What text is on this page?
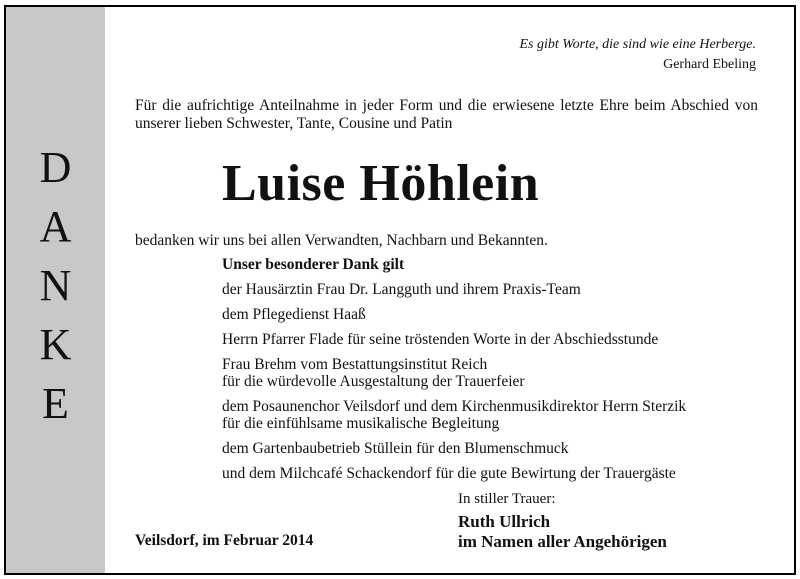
D
A
N
K
E
Es gibt Worte, die sind wie eine Herberge.
Gerhard Ebeling
Für die aufrichtige Anteilnahme in jeder Form und die erwiesene letzte Ehre beim Abschied von unserer lieben Schwester, Tante, Cousine und Patin
Luise Höhlein
bedanken wir uns bei allen Verwandten, Nachbarn und Bekannten.
Unser besonderer Dank gilt
der Hausärztin Frau Dr. Langguth und ihrem Praxis-Team
dem Pflegedienst Haaß
Herrn Pfarrer Flade für seine tröstenden Worte in der Abschiedsstunde
Frau Brehm vom Bestattungsinstitut Reich
für die würdevolle Ausgestaltung der Trauerfeier
dem Posaunenchor Veilsdorf und dem Kirchenmusikdirektor Herrn Sterzik
für die einfühlsame musikalische Begleitung
dem Gartenbaubetrieb Stüllein für den Blumenschmuck
und dem Milchcafé Schackendorf für die gute Bewirtung der Trauergäste
In stiller Trauer:
Ruth Ullrich
im Namen aller Angehörigen
Veilsdorf, im Februar 2014
